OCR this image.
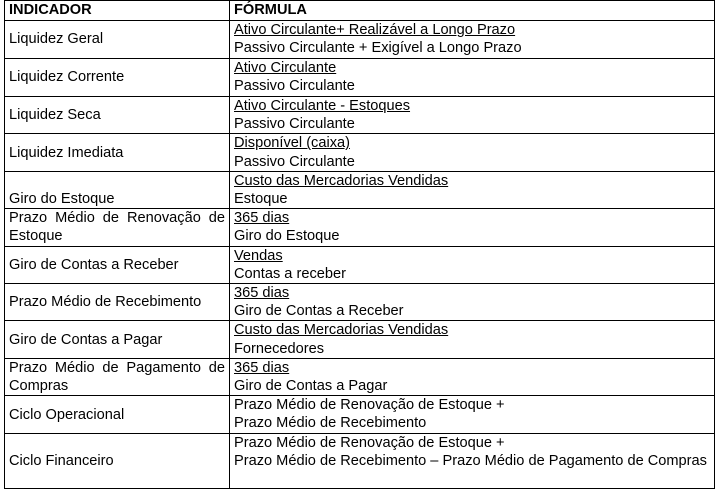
INDICADOR	FÓRMULA
Liquidez Geral	Ativo Circulante+ Realizável a Longo Prazo
Passivo Circulante + Exigível a Longo Prazo

Liquidez Corrente	Ativo Circulante
Passivo Circulante

Liquidez Seca	Ativo Circulante - Estoques
Passivo Circulante

Liquidez Imediata	Disponível (caixa)
Passivo Circulante

Giro do Estoque	Custo das Mercadorias Vendidas
Estoque

Prazo Médio de Renovação de Estoque	365 dias
Giro do Estoque

Giro de Contas a Receber	Vendas
Contas a receber

Prazo Médio de Recebimento	365 dias
Giro de Contas a Receber

Giro de Contas a Pagar	Custo das Mercadorias Vendidas
Fornecedores

Prazo Médio de Pagamento de Compras	365 dias
Giro de Contas a Pagar

Ciclo Operacional	Prazo Médio de Renovação de Estoque +
Prazo Médio de Recebimento

Ciclo Financeiro	Prazo Médio de Renovação de Estoque +
Prazo Médio de Recebimento – Prazo Médio de Pagamento de Compras
